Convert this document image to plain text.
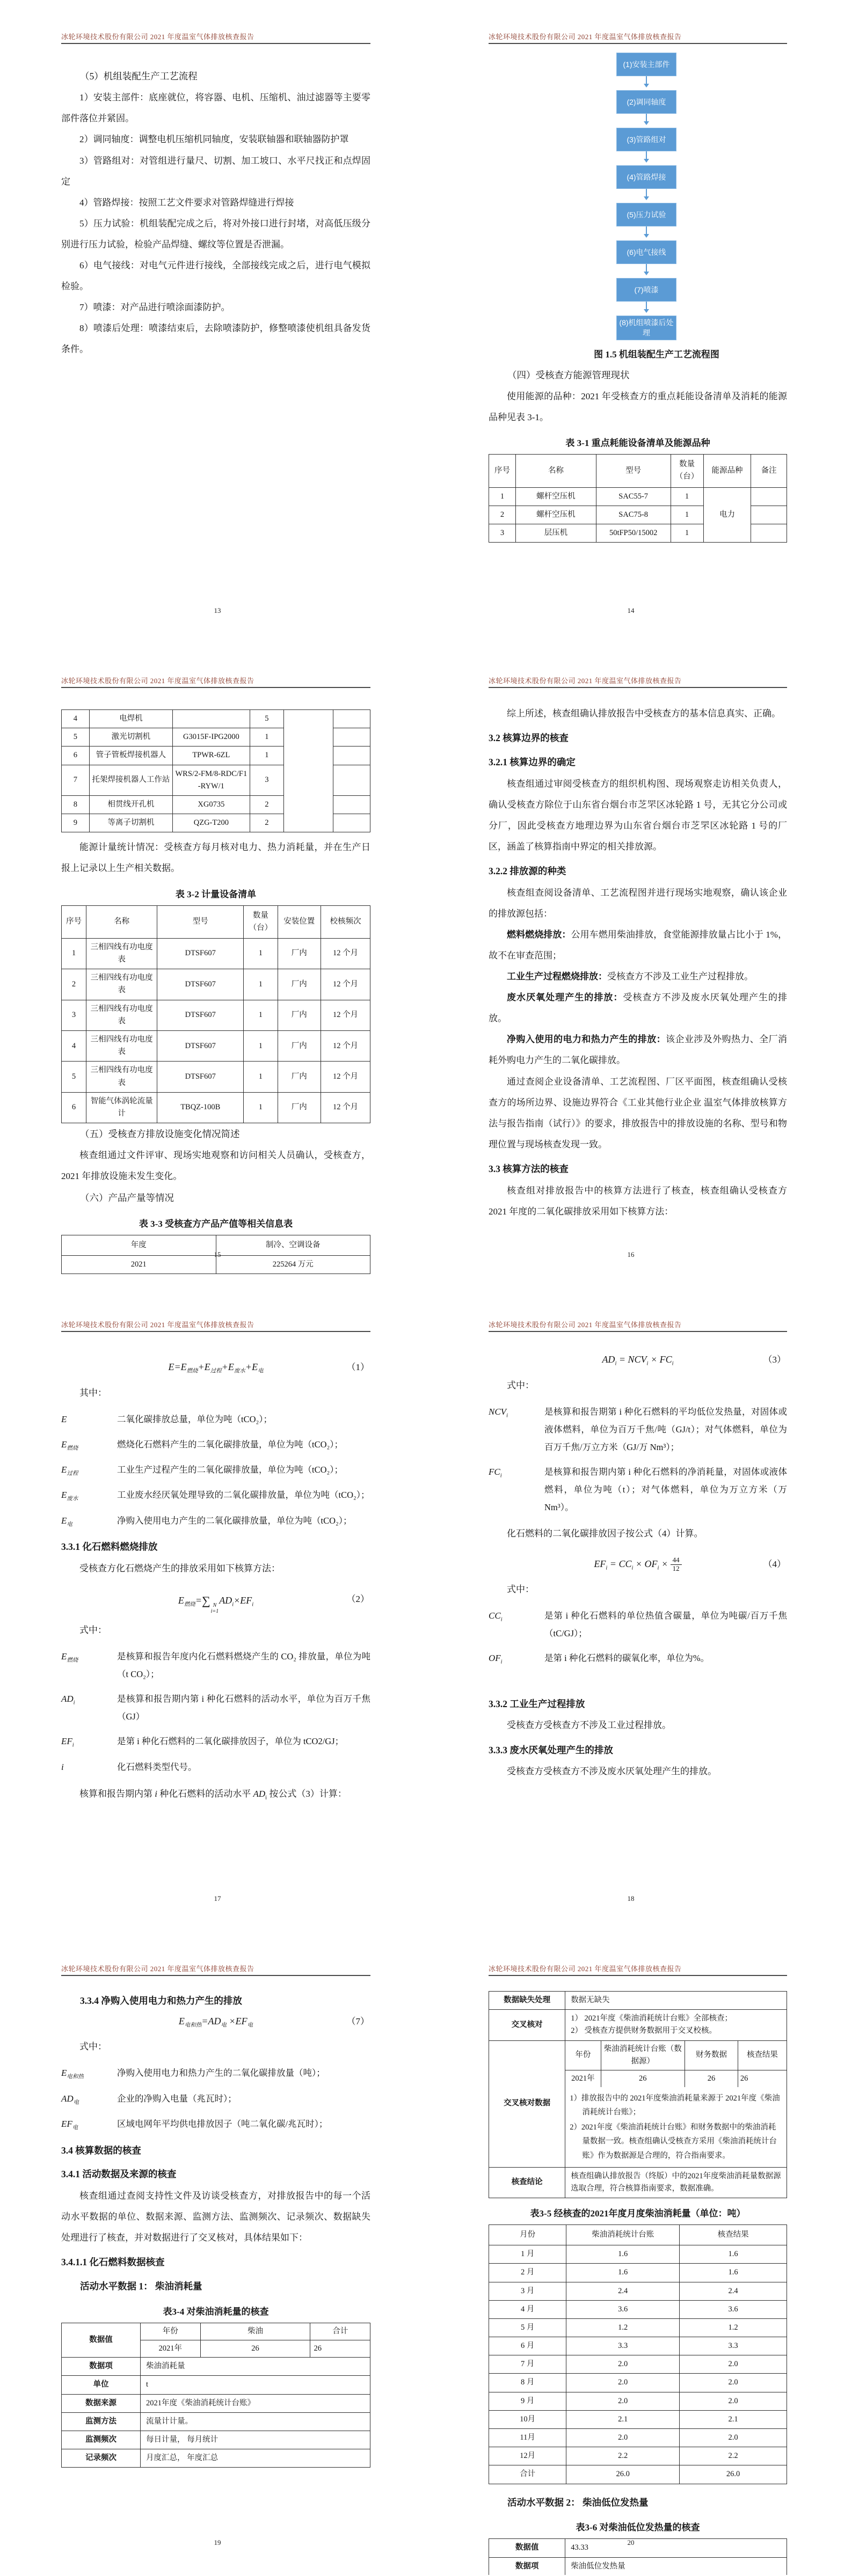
冰轮环境技术股份有限公司 2021 年度温室气体排放核查报告

（5）机组装配生产工艺流程

1）安装主部件：底座就位，将容器、电机、压缩机、油过滤器等主要零部件落位并紧固。

2）调同轴度：调整电机压缩机同轴度，安装联轴器和联轴器防护罩

3）管路组对：对管组进行量尺、切割、加工坡口、水平尺找正和点焊固定

4）管路焊接：按照工艺文件要求对管路焊缝进行焊接

5）压力试验：机组装配完成之后，将对外接口进行封堵，对高低压级分别进行压力试验，检验产品焊缝、螺纹等位置是否泄漏。

6）电气接线：对电气元件进行接线，全部接线完成之后，进行电气模拟检验。

7）喷漆：对产品进行喷涂面漆防护。

8）喷漆后处理：喷漆结束后，去除喷漆防护，修整喷漆使机组具备发货条件。

13
冰轮环境技术股份有限公司 2021 年度温室气体排放核查报告
(1)安装主部件
(2)调同轴度
(3)管路组对
(4)管路焊接
(5)压力试验
(6)电气接线
(7)喷漆
(8)机组喷漆后处理
图 1.5 机组装配生产工艺流程图

（四）受核查方能源管理现状

使用能源的品种：2021 年受核查方的重点耗能设备清单及消耗的能源品种见表 3-1。

表 3-1 重点耗能设备清单及能源品种
序号	名称	型号	数量（台）	能源品种	备注
1	螺杆空压机	SAC55-7	1	电力	
2	螺杆空压机	SAC75-8	1		
3	层压机	50tFP50/15002	1		
14
冰轮环境技术股份有限公司 2021 年度温室气体排放核查报告
4	电焊机		5		
5	激光切割机	G3015F-IPG2000	1		
6	管子管板焊接机器人	TPWR-6ZL	1		
7	托架焊接机器人工作站	WRS/2-FM/8-RDC/F1-RYW/1	3		
8	相贯线开孔机	XG0735	2		
9	等离子切割机	QZG-T200	2		

能源计量统计情况：受核查方每月核对电力、热力消耗量，并在生产日报上记录以上生产相关数据。

表 3-2 计量设备清单
序号	名称	型号	数量（台）	安装位置	校核频次
1	三相四线有功电度表	DTSF607	1	厂内	12 个月
2	三相四线有功电度表	DTSF607	1	厂内	12 个月
3	三相四线有功电度表	DTSF607	1	厂内	12 个月
4	三相四线有功电度表	DTSF607	1	厂内	12 个月
5	三相四线有功电度表	DTSF607	1	厂内	12 个月
6	智能气体涡轮流量计	TBQZ-100B	1	厂内	12 个月

（五）受核查方排放设施变化情况简述

核查组通过文件评审、现场实地观察和访问相关人员确认，受核查方，2021 年排放设施未发生变化。

（六）产品产量等情况

表 3-3 受核查方产品产值等相关信息表
年度	制冷、空调设备
2021	225264 万元
15
冰轮环境技术股份有限公司 2021 年度温室气体排放核查报告

综上所述，核查组确认排放报告中受核查方的基本信息真实、正确。

3.2 核算边界的核查
3.2.1 核算边界的确定

核查组通过审阅受核查方的组织机构图、现场观察走访相关负责人，确认受核查方除位于山东省台烟台市芝罘区冰轮路 1 号，无其它分公司或分厂，因此受核查方地理边界为山东省台烟台市芝罘区冰轮路 1 号的厂区，涵盖了核算指南中界定的相关排放源。

3.2.2 排放源的种类

核查组查阅设备清单、工艺流程图并进行现场实地观察，确认该企业的排放源包括：

燃料燃烧排放：公用车燃用柴油排放，食堂能源排放量占比小于 1%，故不在审查范围；

工业生产过程燃烧排放：受核查方不涉及工业生产过程排放。

废水厌氧处理产生的排放：受核查方不涉及废水厌氧处理产生的排放。

净购入使用的电力和热力产生的排放：该企业涉及外购热力、全厂消耗外购电力产生的二氧化碳排放。

通过查阅企业设备清单、工艺流程图、厂区平面图，核查组确认受核查方的场所边界、设施边界符合《工业其他行业企业 温室气体排放核算方法与报告指南（试行）》的要求，排放报告中的排放设施的名称、型号和物理位置与现场核查发现一致。

3.3 核算方法的核查

核查组对排放报告中的核算方法进行了核查，核查组确认受核查方 2021 年度的二氧化碳排放采用如下核算方法：

16
冰轮环境技术股份有限公司 2021 年度温室气体排放核查报告
$E=E_{燃烧}+E_{过程}+E_{废水}+E_电$	（1）

其中：

E	二氧化碳排放总量，单位为吨（tCO₂）；
$E_{燃烧}$	燃烧化石燃料产生的二氧化碳排放量，单位为吨（tCO₂）；
$E_{过程}$	工业生产过程产生的二氧化碳排放量，单位为吨（tCO₂）；
$E_{废水}$	工业废水经厌氧处理导致的二氧化碳排放量，单位为吨（tCO₂）；
$E_电$	净购入使用电力产生的二氧化碳排放量，单位为吨（tCO₂）；
3.3.1 化石燃料燃烧排放

受核查方化石燃烧产生的排放采用如下核算方法：

$E_{燃烧}=\sum$ N
i=1
$AD_i\times EF_i$
（2）

式中：

$E_{燃烧}$	是核算和报告年度内化石燃料燃烧产生的 CO₂ 排放量，单位为吨（t CO₂）；
$AD_i$	是核算和报告期内第 i 种化石燃料的活动水平，单位为百万千焦（GJ）
$EF_i$	是第 i 种化石燃料的二氧化碳排放因子，单位为 tCO2/GJ；
i	化石燃料类型代号。

核算和报告期内第 i 种化石燃料的活动水平 $AD_i$ 按公式（3）计算：

17
冰轮环境技术股份有限公司 2021 年度温室气体排放核查报告
$AD_i = NCV_i \times FC_i$	（3）

式中：

$NCV_i$	是核算和报告期第 i 种化石燃料的平均低位发热量，对固体或液体燃料，单位为百万千焦/吨（GJ/t）；对气体燃料，单位为百万千焦/万立方米（GJ/万 Nm³）；
$FC_i$	是核算和报告期内第 i 种化石燃料的净消耗量，对固体或液体燃料，单位为吨（t）；对气体燃料，单位为万立方米（万 Nm³）。

化石燃料的二氧化碳排放因子按公式（4）计算。

$EF_i = CC_i \times OF_i \times \frac{44}{12}$	（4）

式中：

$CC_i$	是第 i 种化石燃料的单位热值含碳量，单位为吨碳/百万千焦（tC/GJ）；
$OF_i$	是第 i 种化石燃料的碳氧化率，单位为%。
3.3.2 工业生产过程排放

受核查方受核查方不涉及工业过程排放。

3.3.3 废水厌氧处理产生的排放

受核查方受核查方不涉及废水厌氧处理产生的排放。

18
冰轮环境技术股份有限公司 2021 年度温室气体排放核查报告
3.3.4 净购入使用电力和热力产生的排放
$E_{电和热}=AD_电 \times EF_电$	（7）

式中：

$E_{电和热}$	净购入使用电力和热力产生的二氧化碳排放量（吨）；
$AD_电$	企业的净购入电量（兆瓦时）；
$EF_电$	区域电网年平均供电排放因子（吨二氧化碳/兆瓦时）；
3.4 核算数据的核查
3.4.1 活动数据及来源的核查

核查组通过查阅支持性文件及访谈受核查方，对排放报告中的每一个活动水平数据的单位、数据来源、监测方法、监测频次、记录频次、数据缺失处理进行了核查，并对数据进行了交叉核对，具体结果如下：

3.4.1.1 化石燃料数据核查
活动水平数据 1： 柴油消耗量
表3-4 对柴油消耗量的核查
数据值	
年份	柴油	合计
2021年	26	26

数据项	柴油消耗量
单位	t
数据来源	2021年度《柴油消耗统计台账》
监测方法	流量计计量。
监测频次	每日计量， 每月统计
记录频次	月度汇总， 年度汇总
19
冰轮环境技术股份有限公司 2021 年度温室气体排放核查报告
数据缺失处理	数据无缺失
交叉核对	
1） 2021年度《柴油消耗统计台账》全部核查；
2） 受核查方提供财务数据用于交叉校核。

交叉核对数据	
年份	柴油消耗统计台账（数据源）	财务数据	核查结果
2021年	26	26	26
1）排放报告中的 2021年度柴油消耗量来源于 2021年度《柴油消耗统计台账》；
2）2021年度《柴油消耗统计台账》和财务数据中的柴油消耗量数据一致。核查组确认受核查方采用《柴油消耗统计台账》作为数据源是合理的，符合指南要求。

核查结论	核查组确认排放报告（终版）中的2021年度柴油消耗量数据源选取合理，符合核算指南要求，数据准确。
表3-5 经核查的2021年度月度柴油消耗量（单位：吨）
月份	柴油消耗统计台账	核查结果
1 月	1.6	1.6
2 月	1.6	1.6
3 月	2.4	2.4
4 月	3.6	3.6
5 月	1.2	1.2
6 月	3.3	3.3
7 月	2.0	2.0
8 月	2.0	2.0
9 月	2.0	2.0
10月	2.1	2.1
11月	2.0	2.0
12月	2.2	2.2
合计	26.0	26.0
活动水平数据 2： 柴油低位发热量
表3-6 对柴油低位发热量的核查
数据值	43.33
数据项	柴油低位发热量
20
